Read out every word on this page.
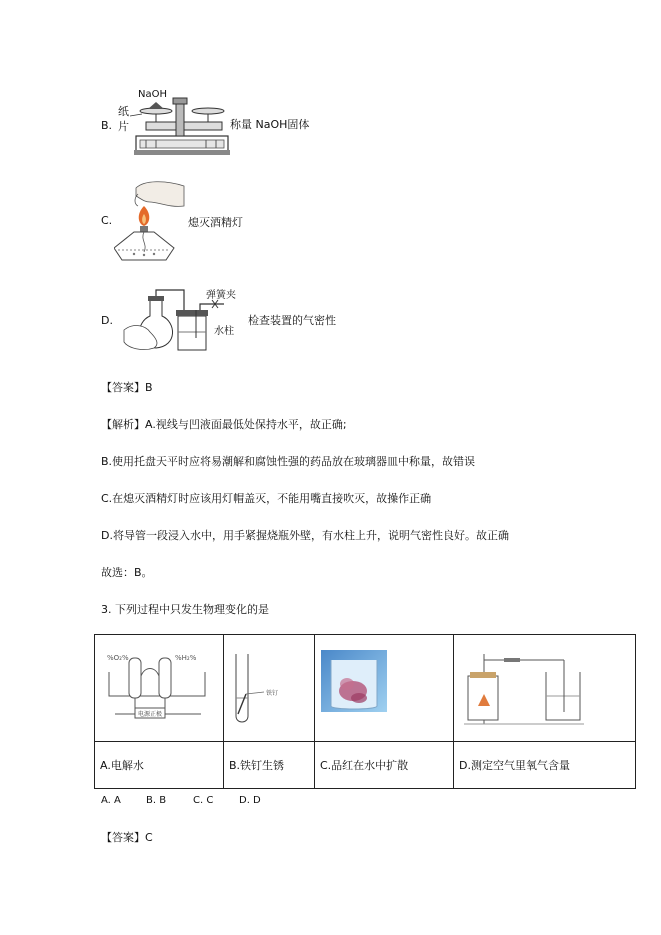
B.
NaOH
纸
片	称量 NaOH固体
C.	熄灭酒精灯
D.
弹簧夹
水柱
检查装置的气密性
【答案】B
【解析】A.视线与凹液面最低处保持水平，故正确;
B.使用托盘天平时应将易潮解和腐蚀性强的药品放在玻璃器皿中称量，故错误
C.在熄灭酒精灯时应该用灯帽盖灭，不能用嘴直接吹灭，故操作正确
D.将导管一段浸入水中，用手紧握烧瓶外壁，有水柱上升，说明气密性良好。故正确
故选：B。
3. 下列过程中只发生物理变化的是
%O₂% %H₂%
电源正极	铁钉

A.电解水	B.铁钉生锈	C.品红在水中扩散	D.测定空气里氧气含量
A. A	B. B	C. C	D. D
【答案】C
